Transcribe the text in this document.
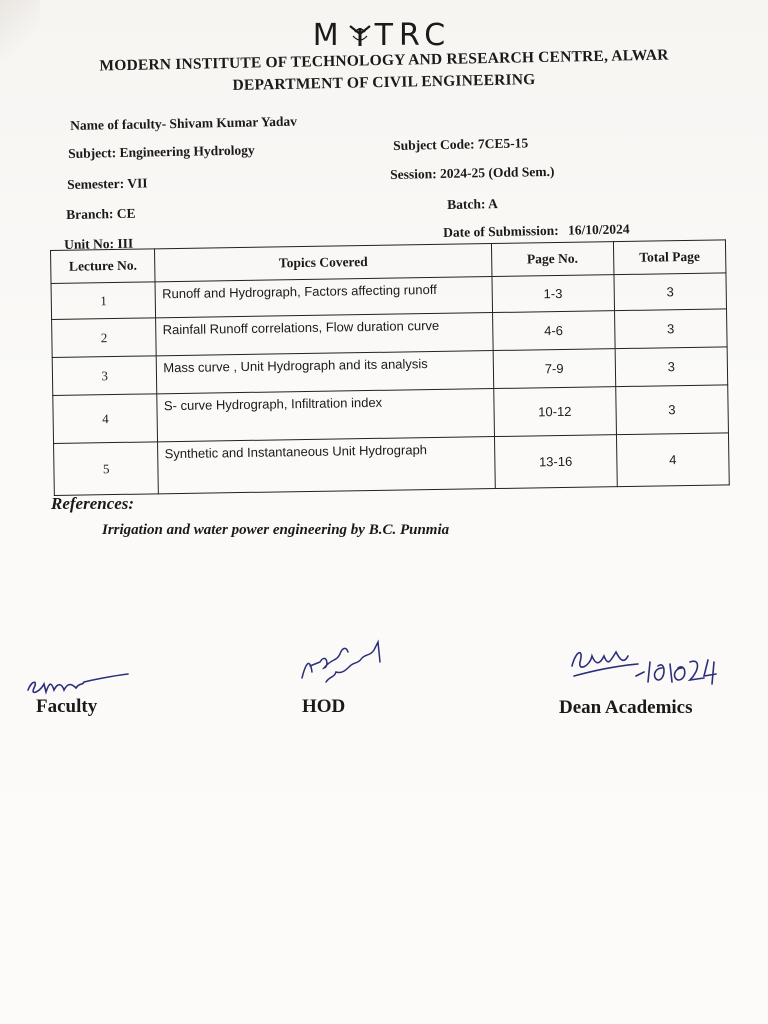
M TRC
MODERN INSTITUTE OF TECHNOLOGY AND RESEARCH CENTRE, ALWAR
DEPARTMENT OF CIVIL ENGINEERING
Name of faculty- Shivam Kumar Yadav
Subject: Engineering Hydrology	Subject Code: 7CE5-15
Semester: VII
Session: 2024-25 (Odd Sem.)
Branch: CE
Batch: A
Unit No: III
Date of Submission: 16/10/2024
Lecture No.	Topics Covered	Page No.	Total Page
1	Runoff and Hydrograph, Factors affecting runoff	1-3	3
2	Rainfall Runoff correlations, Flow duration curve	4-6	3
3	Mass curve , Unit Hydrograph and its analysis	7-9	3
4	S- curve Hydrograph, Infiltration index	10-12	3
5	Synthetic and Instantaneous Unit Hydrograph	13-16	4
References:
Irrigation and water power engineering by B.C. Punmia
Faculty	HOD	Dean Academics
